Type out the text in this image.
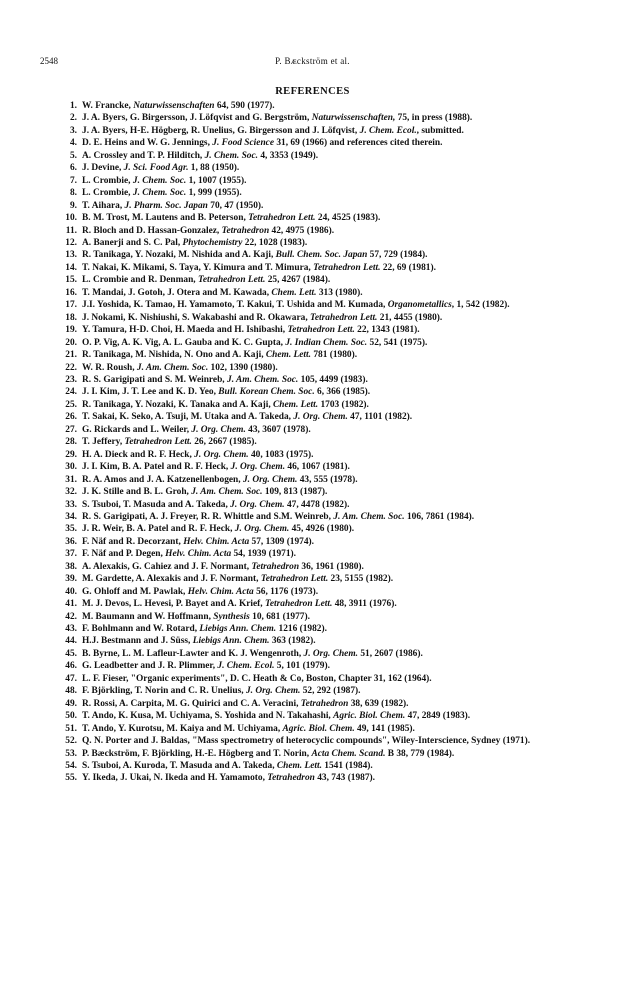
2548	P. Bᴁckström et al.
REFERENCES
1. W. Francke, Naturwissenschaften 64, 590 (1977).
2. J. A. Byers, G. Birgersson, J. Löfqvist and G. Bergström, Naturwissenschaften, 75, in press (1988).
3. J. A. Byers, H-E. Högberg, R. Unelius, G. Birgersson and J. Löfqvist, J. Chem. Ecol., submitted.
4. D. E. Heins and W. G. Jennings, J. Food Science 31, 69 (1966) and references cited therein.
5. A. Crossley and T. P. Hilditch, J. Chem. Soc. 4, 3353 (1949).
6. J. Devine, J. Sci. Food Agr. 1, 88 (1950).
7. L. Crombie, J. Chem. Soc. 1, 1007 (1955).
8. L. Crombie, J. Chem. Soc. 1, 999 (1955).
9. T. Aihara, J. Pharm. Soc. Japan 70, 47 (1950).
10. B. M. Trost, M. Lautens and B. Peterson, Tetrahedron Lett. 24, 4525 (1983).
11. R. Bloch and D. Hassan-Gonzalez, Tetrahedron 42, 4975 (1986).
12. A. Banerji and S. C. Pal, Phytochemistry 22, 1028 (1983).
13. R. Tanikaga, Y. Nozaki, M. Nishida and A. Kaji, Bull. Chem. Soc. Japan 57, 729 (1984).
14. T. Nakai, K. Mikami, S. Taya, Y. Kimura and T. Mimura, Tetrahedron Lett. 22, 69 (1981).
15. L. Crombie and R. Denman, Tetrahedron Lett. 25, 4267 (1984).
16. T. Mandai, J. Gotoh, J. Otera and M. Kawada, Chem. Lett. 313 (1980).
17. J.I. Yoshida, K. Tamao, H. Yamamoto, T. Kakui, T. Ushida and M. Kumada, Organometallics, 1, 542 (1982).
18. J. Nokami, K. Nishiushi, S. Wakabashi and R. Okawara, Tetrahedron Lett. 21, 4455 (1980).
19. Y. Tamura, H-D. Choi, H. Maeda and H. Ishibashi, Tetrahedron Lett. 22, 1343 (1981).
20. O. P. Vig, A. K. Vig, A. L. Gauba and K. C. Gupta, J. Indian Chem. Soc. 52, 541 (1975).
21. R. Tanikaga, M. Nishida, N. Ono and A. Kaji, Chem. Lett. 781 (1980).
22. W. R. Roush, J. Am. Chem. Soc. 102, 1390 (1980).
23. R. S. Garigipati and S. M. Weinreb, J. Am. Chem. Soc. 105, 4499 (1983).
24. J. I. Kim, J. T. Lee and K. D. Yeo, Bull. Korean Chem. Soc. 6, 366 (1985).
25. R. Tanikaga, Y. Nozaki, K. Tanaka and A. Kaji, Chem. Lett. 1703 (1982).
26. T. Sakai, K. Seko, A. Tsuji, M. Utaka and A. Takeda, J. Org. Chem. 47, 1101 (1982).
27. G. Rickards and L. Weiler, J. Org. Chem. 43, 3607 (1978).
28. T. Jeffery, Tetrahedron Lett. 26, 2667 (1985).
29. H. A. Dieck and R. F. Heck, J. Org. Chem. 40, 1083 (1975).
30. J. I. Kim, B. A. Patel and R. F. Heck, J. Org. Chem. 46, 1067 (1981).
31. R. A. Amos and J. A. Katzenellenbogen, J. Org. Chem. 43, 555 (1978).
32. J. K. Stille and B. L. Groh, J. Am. Chem. Soc. 109, 813 (1987).
33. S. Tsuboi, T. Masuda and A. Takeda, J. Org. Chem. 47, 4478 (1982).
34. R. S. Garigipati, A. J. Freyer, R. R. Whittle and S.M. Weinreb, J. Am. Chem. Soc. 106, 7861 (1984).
35. J. R. Weir, B. A. Patel and R. F. Heck, J. Org. Chem. 45, 4926 (1980).
36. F. Näf and R. Decorzant, Helv. Chim. Acta 57, 1309 (1974).
37. F. Näf and P. Degen, Helv. Chim. Acta 54, 1939 (1971).
38. A. Alexakis, G. Cahiez and J. F. Normant, Tetrahedron 36, 1961 (1980).
39. M. Gardette, A. Alexakis and J. F. Normant, Tetrahedron Lett. 23, 5155 (1982).
40. G. Ohloff and M. Pawlak, Helv. Chim. Acta 56, 1176 (1973).
41. M. J. Devos, L. Hevesi, P. Bayet and A. Krief, Tetrahedron Lett. 48, 3911 (1976).
42. M. Baumann and W. Hoffmann, Synthesis 10, 681 (1977).
43. F. Bohlmann and W. Rotard, Liebigs Ann. Chem. 1216 (1982).
44. H.J. Bestmann and J. Süss, Liebigs Ann. Chem. 363 (1982).
45. B. Byrne, L. M. Lafleur-Lawter and K. J. Wengenroth, J. Org. Chem. 51, 2607 (1986).
46. G. Leadbetter and J. R. Plimmer, J. Chem. Ecol. 5, 101 (1979).
47. L. F. Fieser, "Organic experiments", D. C. Heath & Co, Boston, Chapter 31, 162 (1964).
48. F. Björkling, T. Norin and C. R. Unelius, J. Org. Chem. 52, 292 (1987).
49. R. Rossi, A. Carpita, M. G. Quirici and C. A. Veracini, Tetrahedron 38, 639 (1982).
50. T. Ando, K. Kusa, M. Uchiyama, S. Yoshida and N. Takahashi, Agric. Biol. Chem. 47, 2849 (1983).
51. T. Ando, Y. Kurotsu, M. Kaiya and M. Uchiyama, Agric. Biol. Chem. 49, 141 (1985).
52. Q. N. Porter and J. Baldas, "Mass spectrometry of heterocyclic compounds", Wiley-Interscience, Sydney (1971).
53. P. Bæckström, F. Björkling, H.-E. Högberg and T. Norin, Acta Chem. Scand. B 38, 779 (1984).
54. S. Tsuboi, A. Kuroda, T. Masuda and A. Takeda, Chem. Lett. 1541 (1984).
55. Y. Ikeda, J. Ukai, N. Ikeda and H. Yamamoto, Tetrahedron 43, 743 (1987).
